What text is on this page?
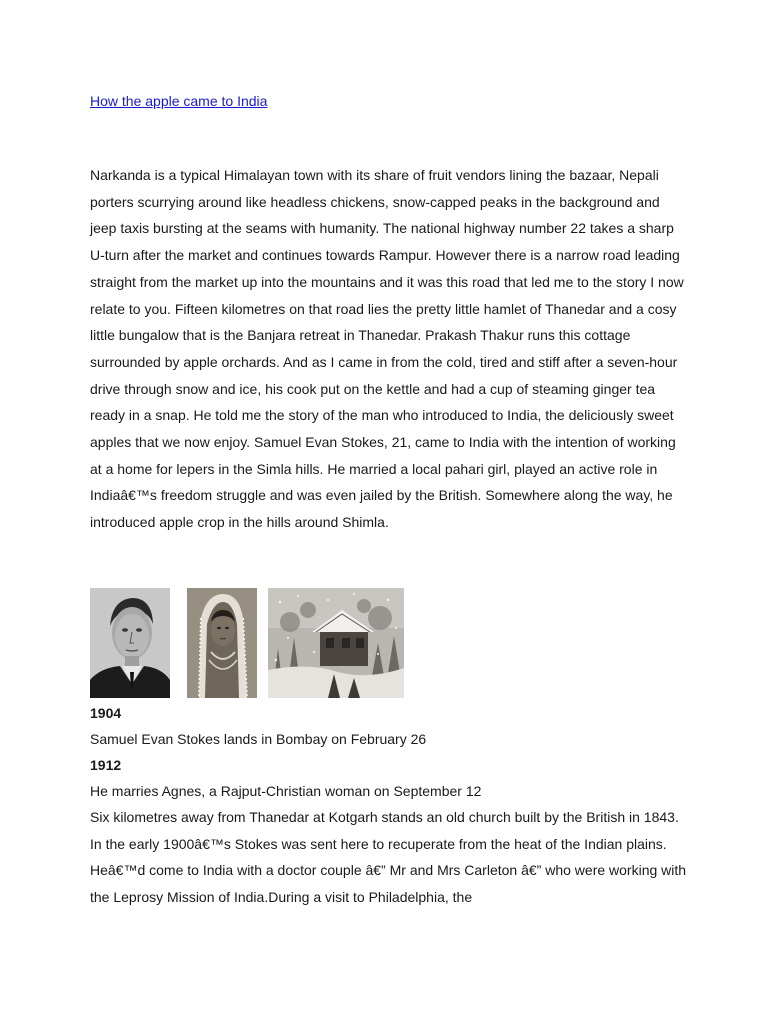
How the apple came to India

Narkanda is a typical Himalayan town with its share of fruit vendors lining the bazaar, Nepali porters scurrying around like headless chickens, snow-capped peaks in the background and jeep taxis bursting at the seams with humanity. The national highway number 22 takes a sharp U-turn after the market and continues towards Rampur. However there is a narrow road leading straight from the market up into the mountains and it was this road that led me to the story I now relate to you. Fifteen kilometres on that road lies the pretty little hamlet of Thanedar and a cosy little bungalow that is the Banjara retreat in Thanedar. Prakash Thakur runs this cottage surrounded by apple orchards. And as I came in from the cold, tired and stiff after a seven-hour drive through snow and ice, his cook put on the kettle and had a cup of steaming ginger tea ready in a snap. He told me the story of the man who introduced to India, the deliciously sweet apples that we now enjoy. Samuel Evan Stokes, 21, came to India with the intention of working at a home for lepers in the Simla hills. He married a local pahari girl, played an active role in Indiaâ€™s freedom struggle and was even jailed by the British. Somewhere along the way, he introduced apple crop in the hills around Shimla.

1904
Samuel Evan Stokes lands in Bombay on February 26
1912
He marries Agnes, a Rajput-Christian woman on September 12

Six kilometres away from Thanedar at Kotgarh stands an old church built by the British in 1843. In the early 1900â€™s Stokes was sent here to recuperate from the heat of the Indian plains. Heâ€™d come to India with a doctor couple â€” Mr and Mrs Carleton â€” who were working with the Leprosy Mission of India.During a visit to Philadelphia, the
